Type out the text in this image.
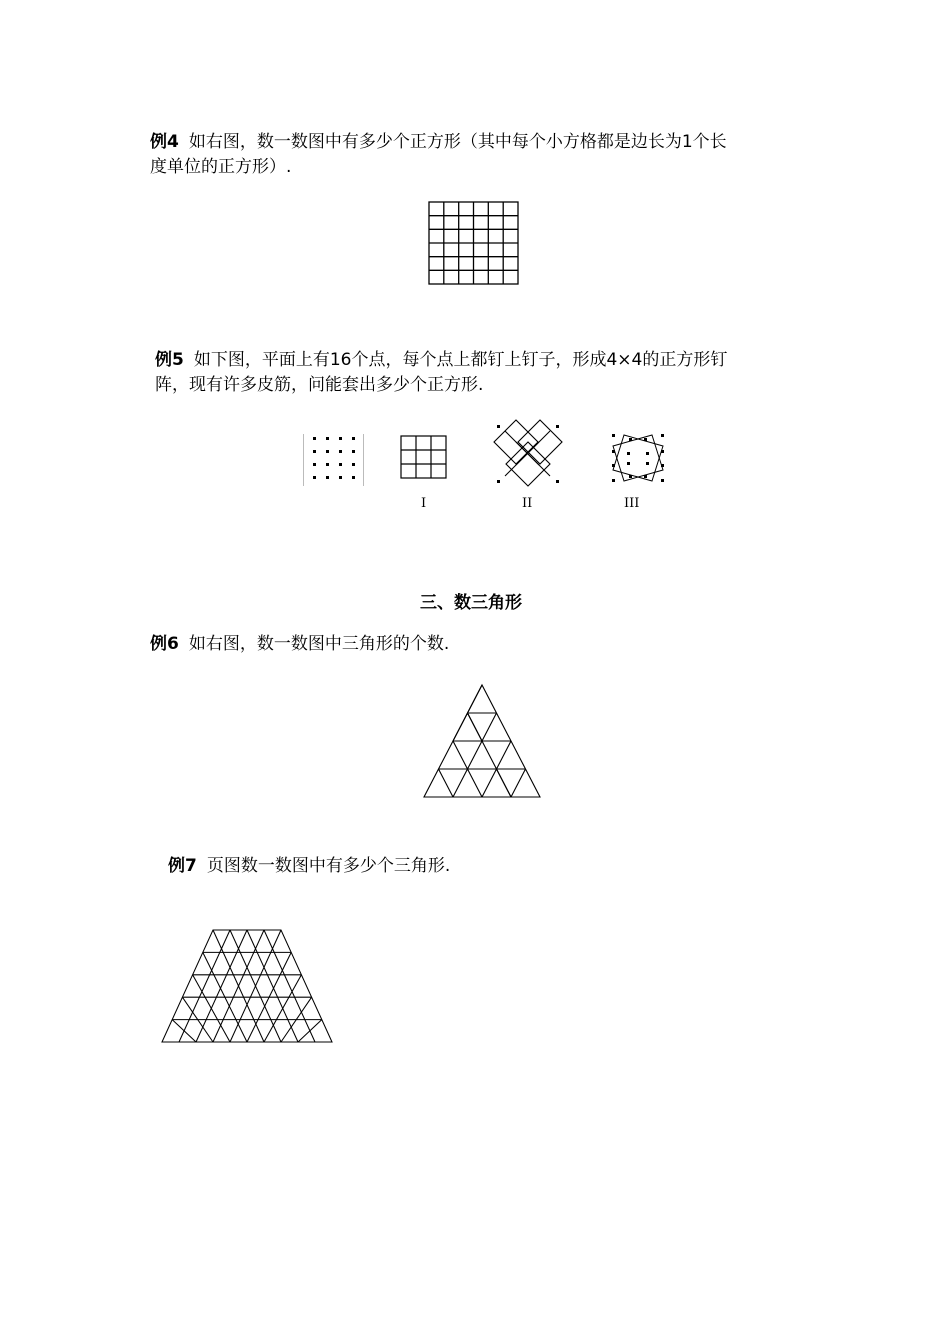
例4 如右图，数一数图中有多少个正方形（其中每个小方格都是边长为1个长
度单位的正方形）.
例5 如下图，平面上有16个点，每个点上都钉上钉子，形成4×4的正方形钉
阵，现有许多皮筋，问能套出多少个正方形.
I	II	III
三、数三角形
例6 如右图，数一数图中三角形的个数.
例7 页图数一数图中有多少个三角形.
